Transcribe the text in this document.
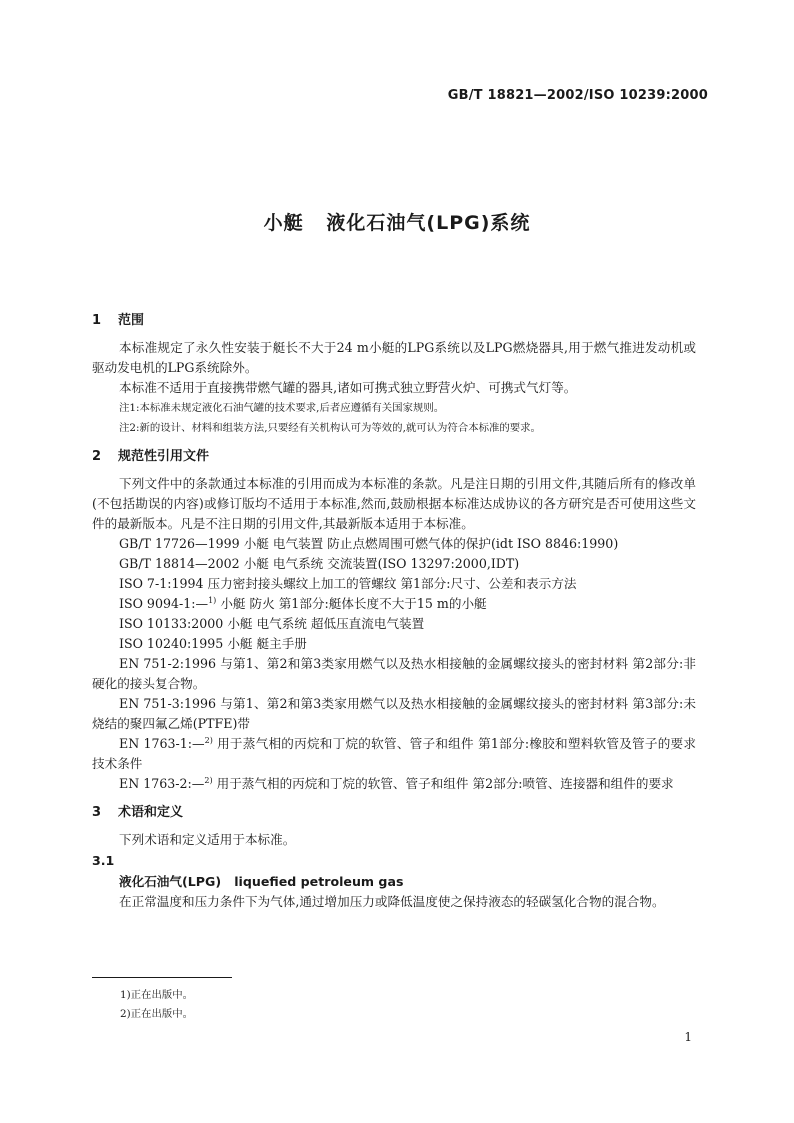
GB/T 18821—2002/ISO 10239:2000
小艇   液化石油气(LPG)系统
1 范围

本标准规定了永久性安装于艇长不大于24 m小艇的LPG系统以及LPG燃烧器具,用于燃气推进发动机或驱动发电机的LPG系统除外。

本标准不适用于直接携带燃气罐的器具,诸如可携式独立野营火炉、可携式气灯等。

注1:本标准未规定液化石油气罐的技术要求,后者应遵循有关国家规则。

注2:新的设计、材料和组装方法,只要经有关机构认可为等效的,就可认为符合本标准的要求。

2 规范性引用文件

下列文件中的条款通过本标准的引用而成为本标准的条款。凡是注日期的引用文件,其随后所有的修改单(不包括勘误的内容)或修订版均不适用于本标准,然而,鼓励根据本标准达成协议的各方研究是否可使用这些文件的最新版本。凡是不注日期的引用文件,其最新版本适用于本标准。

GB/T 17726—1999 小艇 电气装置 防止点燃周围可燃气体的保护(idt ISO 8846:1990)

GB/T 18814—2002 小艇 电气系统 交流装置(ISO 13297:2000,IDT)

ISO 7-1:1994 压力密封接头螺纹上加工的管螺纹 第1部分:尺寸、公差和表示方法

ISO 9094-1:—$^{1)}$ 小艇 防火 第1部分:艇体长度不大于15 m的小艇

ISO 10133:2000 小艇 电气系统 超低压直流电气装置

ISO 10240:1995 小艇 艇主手册

EN 751-2:1996 与第1、第2和第3类家用燃气以及热水相接触的金属螺纹接头的密封材料 第2部分:非硬化的接头复合物。

EN 751-3:1996 与第1、第2和第3类家用燃气以及热水相接触的金属螺纹接头的密封材料 第3部分:未烧结的聚四氟乙烯(PTFE)带

EN 1763-1:—$^{2)}$ 用于蒸气相的丙烷和丁烷的软管、管子和组件 第1部分:橡胶和塑料软管及管子的要求 技术条件

EN 1763-2:—$^{2)}$ 用于蒸气相的丙烷和丁烷的软管、管子和组件 第2部分:喷管、连接器和组件的要求

3 术语和定义

下列术语和定义适用于本标准。

3.1

液化石油气(LPG)   liquefied petroleum gas

在正常温度和压力条件下为气体,通过增加压力或降低温度使之保持液态的轻碳氢化合物的混合物。

1)正在出版中。
2)正在出版中。
1
